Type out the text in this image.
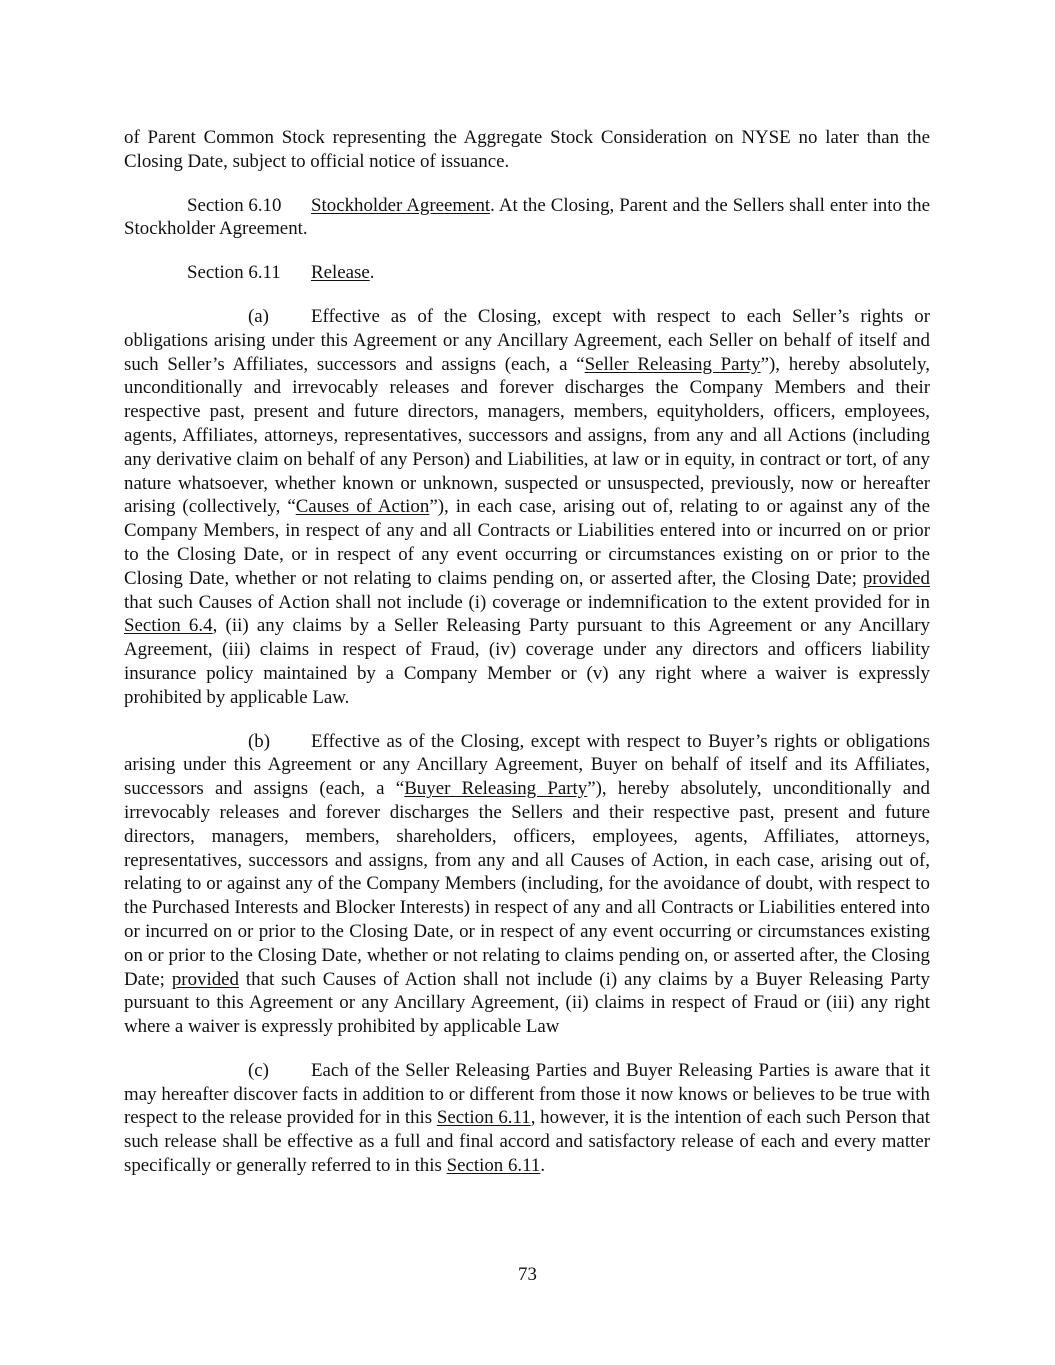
of Parent Common Stock representing the Aggregate Stock Consideration on NYSE no later than the Closing Date, subject to official notice of issuance.

Section 6.10 Stockholder Agreement. At the Closing, Parent and the Sellers shall enter into the Stockholder Agreement.

Section 6.11 Release.

(a) Effective as of the Closing, except with respect to each Seller’s rights or obligations arising under this Agreement or any Ancillary Agreement, each Seller on behalf of itself and such Seller’s Affiliates, successors and assigns (each, a “Seller Releasing Party”), hereby absolutely, unconditionally and irrevocably releases and forever discharges the Company Members and their respective past, present and future directors, managers, members, equityholders, officers, employees, agents, Affiliates, attorneys, representatives, successors and assigns, from any and all Actions (including any derivative claim on behalf of any Person) and Liabilities, at law or in equity, in contract or tort, of any nature whatsoever, whether known or unknown, suspected or unsuspected, previously, now or hereafter arising (collectively, “Causes of Action”), in each case, arising out of, relating to or against any of the Company Members, in respect of any and all Contracts or Liabilities entered into or incurred on or prior to the Closing Date, or in respect of any event occurring or circumstances existing on or prior to the Closing Date, whether or not relating to claims pending on, or asserted after, the Closing Date; provided that such Causes of Action shall not include (i) coverage or indemnification to the extent provided for in Section 6.4, (ii) any claims by a Seller Releasing Party pursuant to this Agreement or any Ancillary Agreement, (iii) claims in respect of Fraud, (iv) coverage under any directors and officers liability insurance policy maintained by a Company Member or (v) any right where a waiver is expressly prohibited by applicable Law.

(b) Effective as of the Closing, except with respect to Buyer’s rights or obligations arising under this Agreement or any Ancillary Agreement, Buyer on behalf of itself and its Affiliates, successors and assigns (each, a “Buyer Releasing Party”), hereby absolutely, unconditionally and irrevocably releases and forever discharges the Sellers and their respective past, present and future directors, managers, members, shareholders, officers, employees, agents, Affiliates, attorneys, representatives, successors and assigns, from any and all Causes of Action, in each case, arising out of, relating to or against any of the Company Members (including, for the avoidance of doubt, with respect to the Purchased Interests and Blocker Interests) in respect of any and all Contracts or Liabilities entered into or incurred on or prior to the Closing Date, or in respect of any event occurring or circumstances existing on or prior to the Closing Date, whether or not relating to claims pending on, or asserted after, the Closing Date; provided that such Causes of Action shall not include (i) any claims by a Buyer Releasing Party pursuant to this Agreement or any Ancillary Agreement, (ii) claims in respect of Fraud or (iii) any right where a waiver is expressly prohibited by applicable Law

(c) Each of the Seller Releasing Parties and Buyer Releasing Parties is aware that it may hereafter discover facts in addition to or different from those it now knows or believes to be true with respect to the release provided for in this Section 6.11, however, it is the intention of each such Person that such release shall be effective as a full and final accord and satisfactory release of each and every matter specifically or generally referred to in this Section 6.11.

73
